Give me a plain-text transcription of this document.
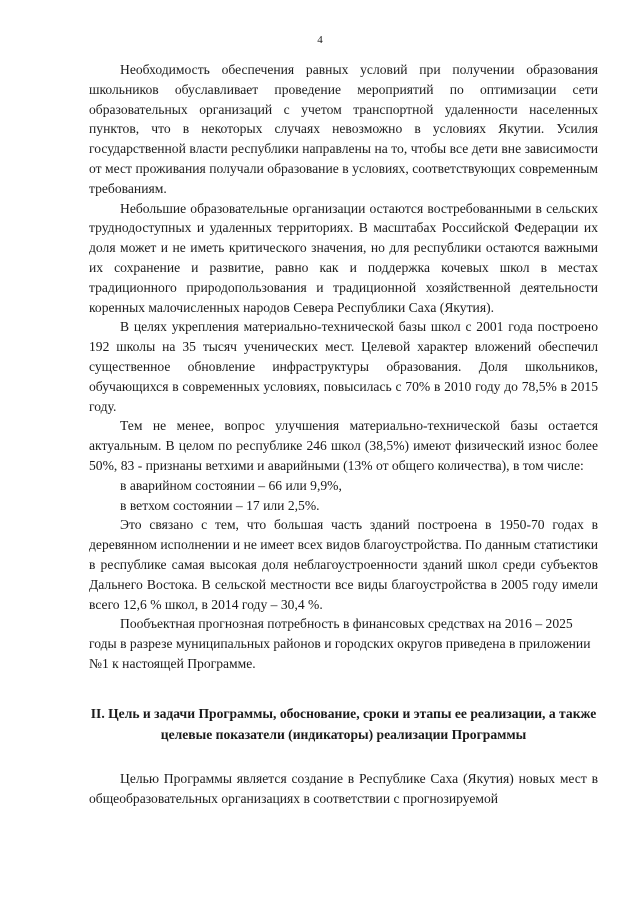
4

Необходимость обеспечения равных условий при получении образования школьников обуславливает проведение мероприятий по оптимизации сети образовательных организаций с учетом транспортной удаленности населенных пунктов, что в некоторых случаях невозможно в условиях Якутии. Усилия государственной власти республики направлены на то, чтобы все дети вне зависимости от мест проживания получали образование в условиях, соответствующих современным требованиям.

Небольшие образовательные организации остаются востребованными в сельских труднодоступных и удаленных территориях. В масштабах Российской Федерации их доля может и не иметь критического значения, но для республики остаются важными их сохранение и развитие, равно как и поддержка кочевых школ в местах традиционного природопользования и традиционной хозяйственной деятельности коренных малочисленных народов Севера Республики Саха (Якутия).

В целях укрепления материально-технической базы школ с 2001 года построено 192 школы на 35 тысяч ученических мест. Целевой характер вложений обеспечил существенное обновление инфраструктуры образования. Доля школьников, обучающихся в современных условиях, повысилась с 70% в 2010 году до 78,5% в 2015 году.

Тем не менее, вопрос улучшения материально-технической базы остается актуальным. В целом по республике 246 школ (38,5%) имеют физический износ более 50%, 83 - признаны ветхими и аварийными (13% от общего количества), в том числе:

в аварийном состоянии – 66 или 9,9%,

в ветхом состоянии – 17 или 2,5%.

Это связано с тем, что большая часть зданий построена в 1950-70 годах в деревянном исполнении и не имеет всех видов благоустройства. По данным статистики в республике самая высокая доля неблагоустроенности зданий школ среди субъектов Дальнего Востока. В сельской местности все виды благоустройства в 2005 году имели всего 12,6 % школ, в 2014 году – 30,4 %.

Пообъектная прогнозная потребность в финансовых средствах на 2016 – 2025 годы в разрезе муниципальных районов и городских округов приведена в приложении №1 к настоящей Программе.

II. Цель и задачи Программы, обоснование, сроки и этапы ее реализации, а также целевые показатели (индикаторы) реализации Программы

Целью Программы является создание в Республике Саха (Якутия) новых мест в общеобразовательных организациях в соответствии с прогнозируемой
